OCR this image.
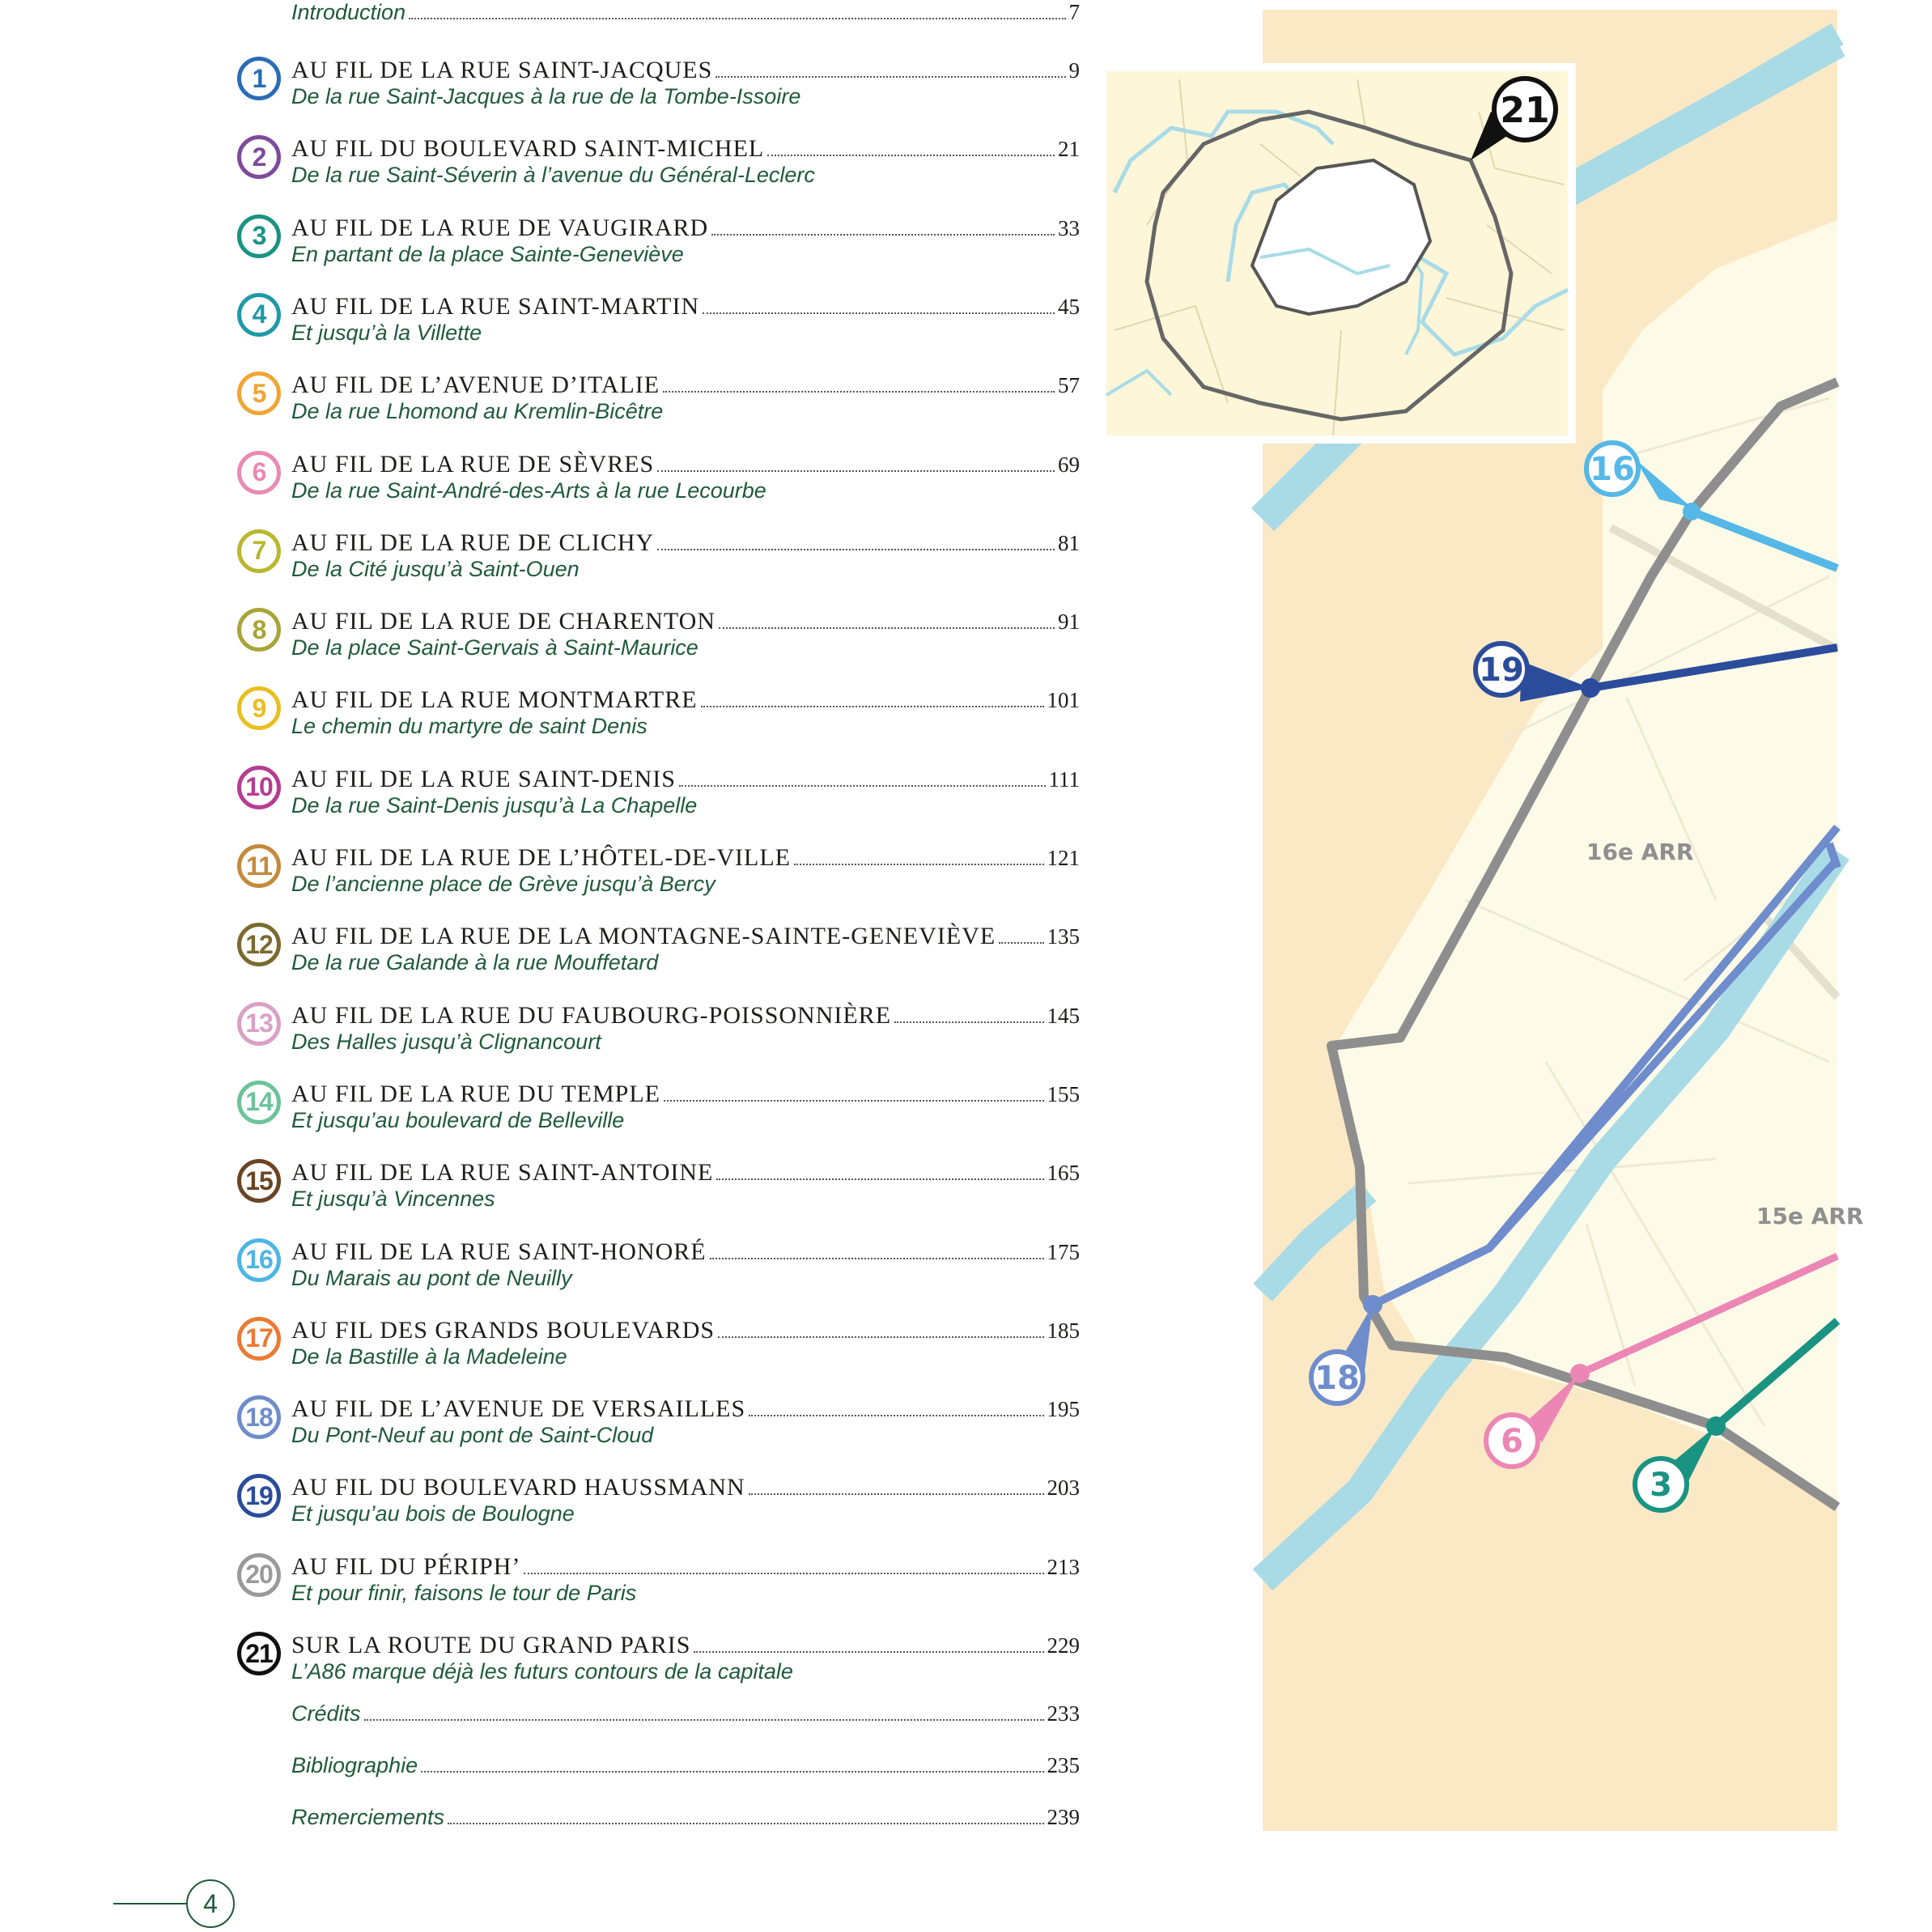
Introduction	7
1	AU FIL DE LA RUE SAINT-JACQUES	9
De la rue Saint-Jacques à la rue de la Tombe-Issoire
2	AU FIL DU BOULEVARD SAINT-MICHEL	21
De la rue Saint-Séverin à l’avenue du Général-Leclerc
3	AU FIL DE LA RUE DE VAUGIRARD	33
En partant de la place Sainte-Geneviève
4	AU FIL DE LA RUE SAINT-MARTIN	45
Et jusqu’à la Villette
5	AU FIL DE L’AVENUE D’ITALIE	57
De la rue Lhomond au Kremlin-Bicêtre
6	AU FIL DE LA RUE DE SÈVRES	69
De la rue Saint-André-des-Arts à la rue Lecourbe
7	AU FIL DE LA RUE DE CLICHY	81
De la Cité jusqu’à Saint-Ouen
8	AU FIL DE LA RUE DE CHARENTON	91
De la place Saint-Gervais à Saint-Maurice
9	AU FIL DE LA RUE MONTMARTRE	101
Le chemin du martyre de saint Denis
10 AU FIL DE LA RUE SAINT-DENIS	111
De la rue Saint-Denis jusqu’à La Chapelle
11 AU FIL DE LA RUE DE L’HÔTEL-DE-VILLE	121
De l’ancienne place de Grève jusqu’à Bercy
12 AU FIL DE LA RUE DE LA MONTAGNE-SAINTE-GENEVIÈVE 135
De la rue Galande à la rue Mouffetard
13 AU FIL DE LA RUE DU FAUBOURG-POISSONNIÈRE	145
Des Halles jusqu’à Clignancourt
14 AU FIL DE LA RUE DU TEMPLE	155
Et jusqu’au boulevard de Belleville
15 AU FIL DE LA RUE SAINT-ANTOINE	165
Et jusqu’à Vincennes
16 AU FIL DE LA RUE SAINT-HONORÉ	175
Du Marais au pont de Neuilly
17 AU FIL DES GRANDS BOULEVARDS	185
De la Bastille à la Madeleine
18 AU FIL DE L’AVENUE DE VERSAILLES	195
Du Pont-Neuf au pont de Saint-Cloud
19 AU FIL DU BOULEVARD HAUSSMANN	203
Et jusqu’au bois de Boulogne
20 AU FIL DU PÉRIPH’	213
Et pour finir, faisons le tour de Paris
21 SUR LA ROUTE DU GRAND PARIS	229
L’A86 marque déjà les futurs contours de la capitale
Crédits	233
Bibliographie	235
Remerciements	239
4
16e ARR
15e ARR
16
19
18
6
3
21
